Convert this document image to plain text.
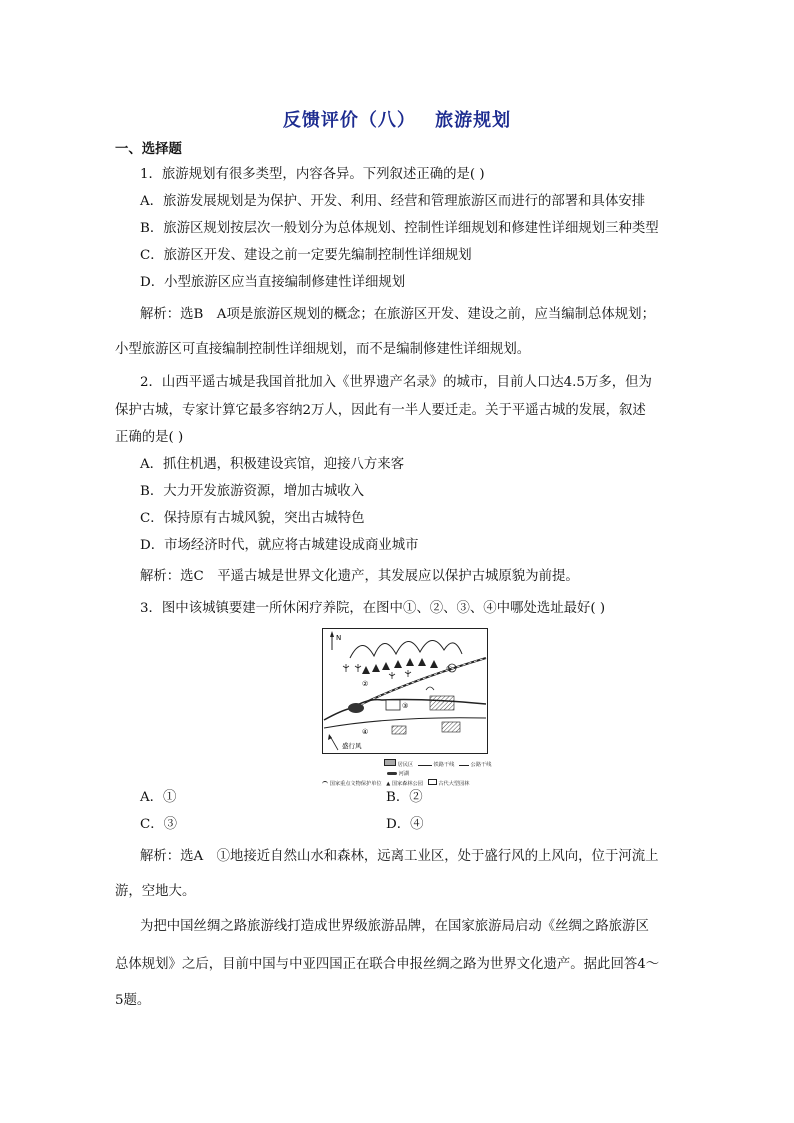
反馈评价（八） 旅游规划
一、选择题
1．旅游规划有很多类型，内容各异。下列叙述正确的是( )
A．旅游发展规划是为保护、开发、利用、经营和管理旅游区而进行的部署和具体安排
B．旅游区规划按层次一般划分为总体规划、控制性详细规划和修建性详细规划三种类型
C．旅游区开发、建设之前一定要先编制控制性详细规划
D．小型旅游区应当直接编制修建性详细规划
解析：选B　A项是旅游区规划的概念；在旅游区开发、建设之前，应当编制总体规划；
小型旅游区可直接编制控制性详细规划，而不是编制修建性详细规划。
2．山西平遥古城是我国首批加入《世界遗产名录》的城市，目前人口达4.5万多，但为
保护古城，专家计算它最多容纳2万人，因此有一半人要迁走。关于平遥古城的发展，叙述
正确的是( )
A．抓住机遇，积极建设宾馆，迎接八方来客
B．大力开发旅游资源，增加古城收入
C．保持原有古城风貌，突出古城特色
D．市场经济时代，就应将古城建设成商业城市
解析：选C　平遥古城是世界文化遗产，其发展应以保护古城原貌为前提。
3．图中该城镇要建一所休闲疗养院，在图中①、②、③、④中哪处选址最好( )
N
①
②
③
④
盛行风
居民区	铁路干线	公路干线  河湖
国家重点文物保护单位 ▲ 国家森林公园	古代大型园林
A．①	B．②
C．③	D．④
解析：选A　①地接近自然山水和森林，远离工业区，处于盛行风的上风向，位于河流上
游，空地大。
为把中国丝绸之路旅游线打造成世界级旅游品牌，在国家旅游局启动《丝绸之路旅游区
总体规划》之后，目前中国与中亚四国正在联合申报丝绸之路为世界文化遗产。据此回答4～
5题。
